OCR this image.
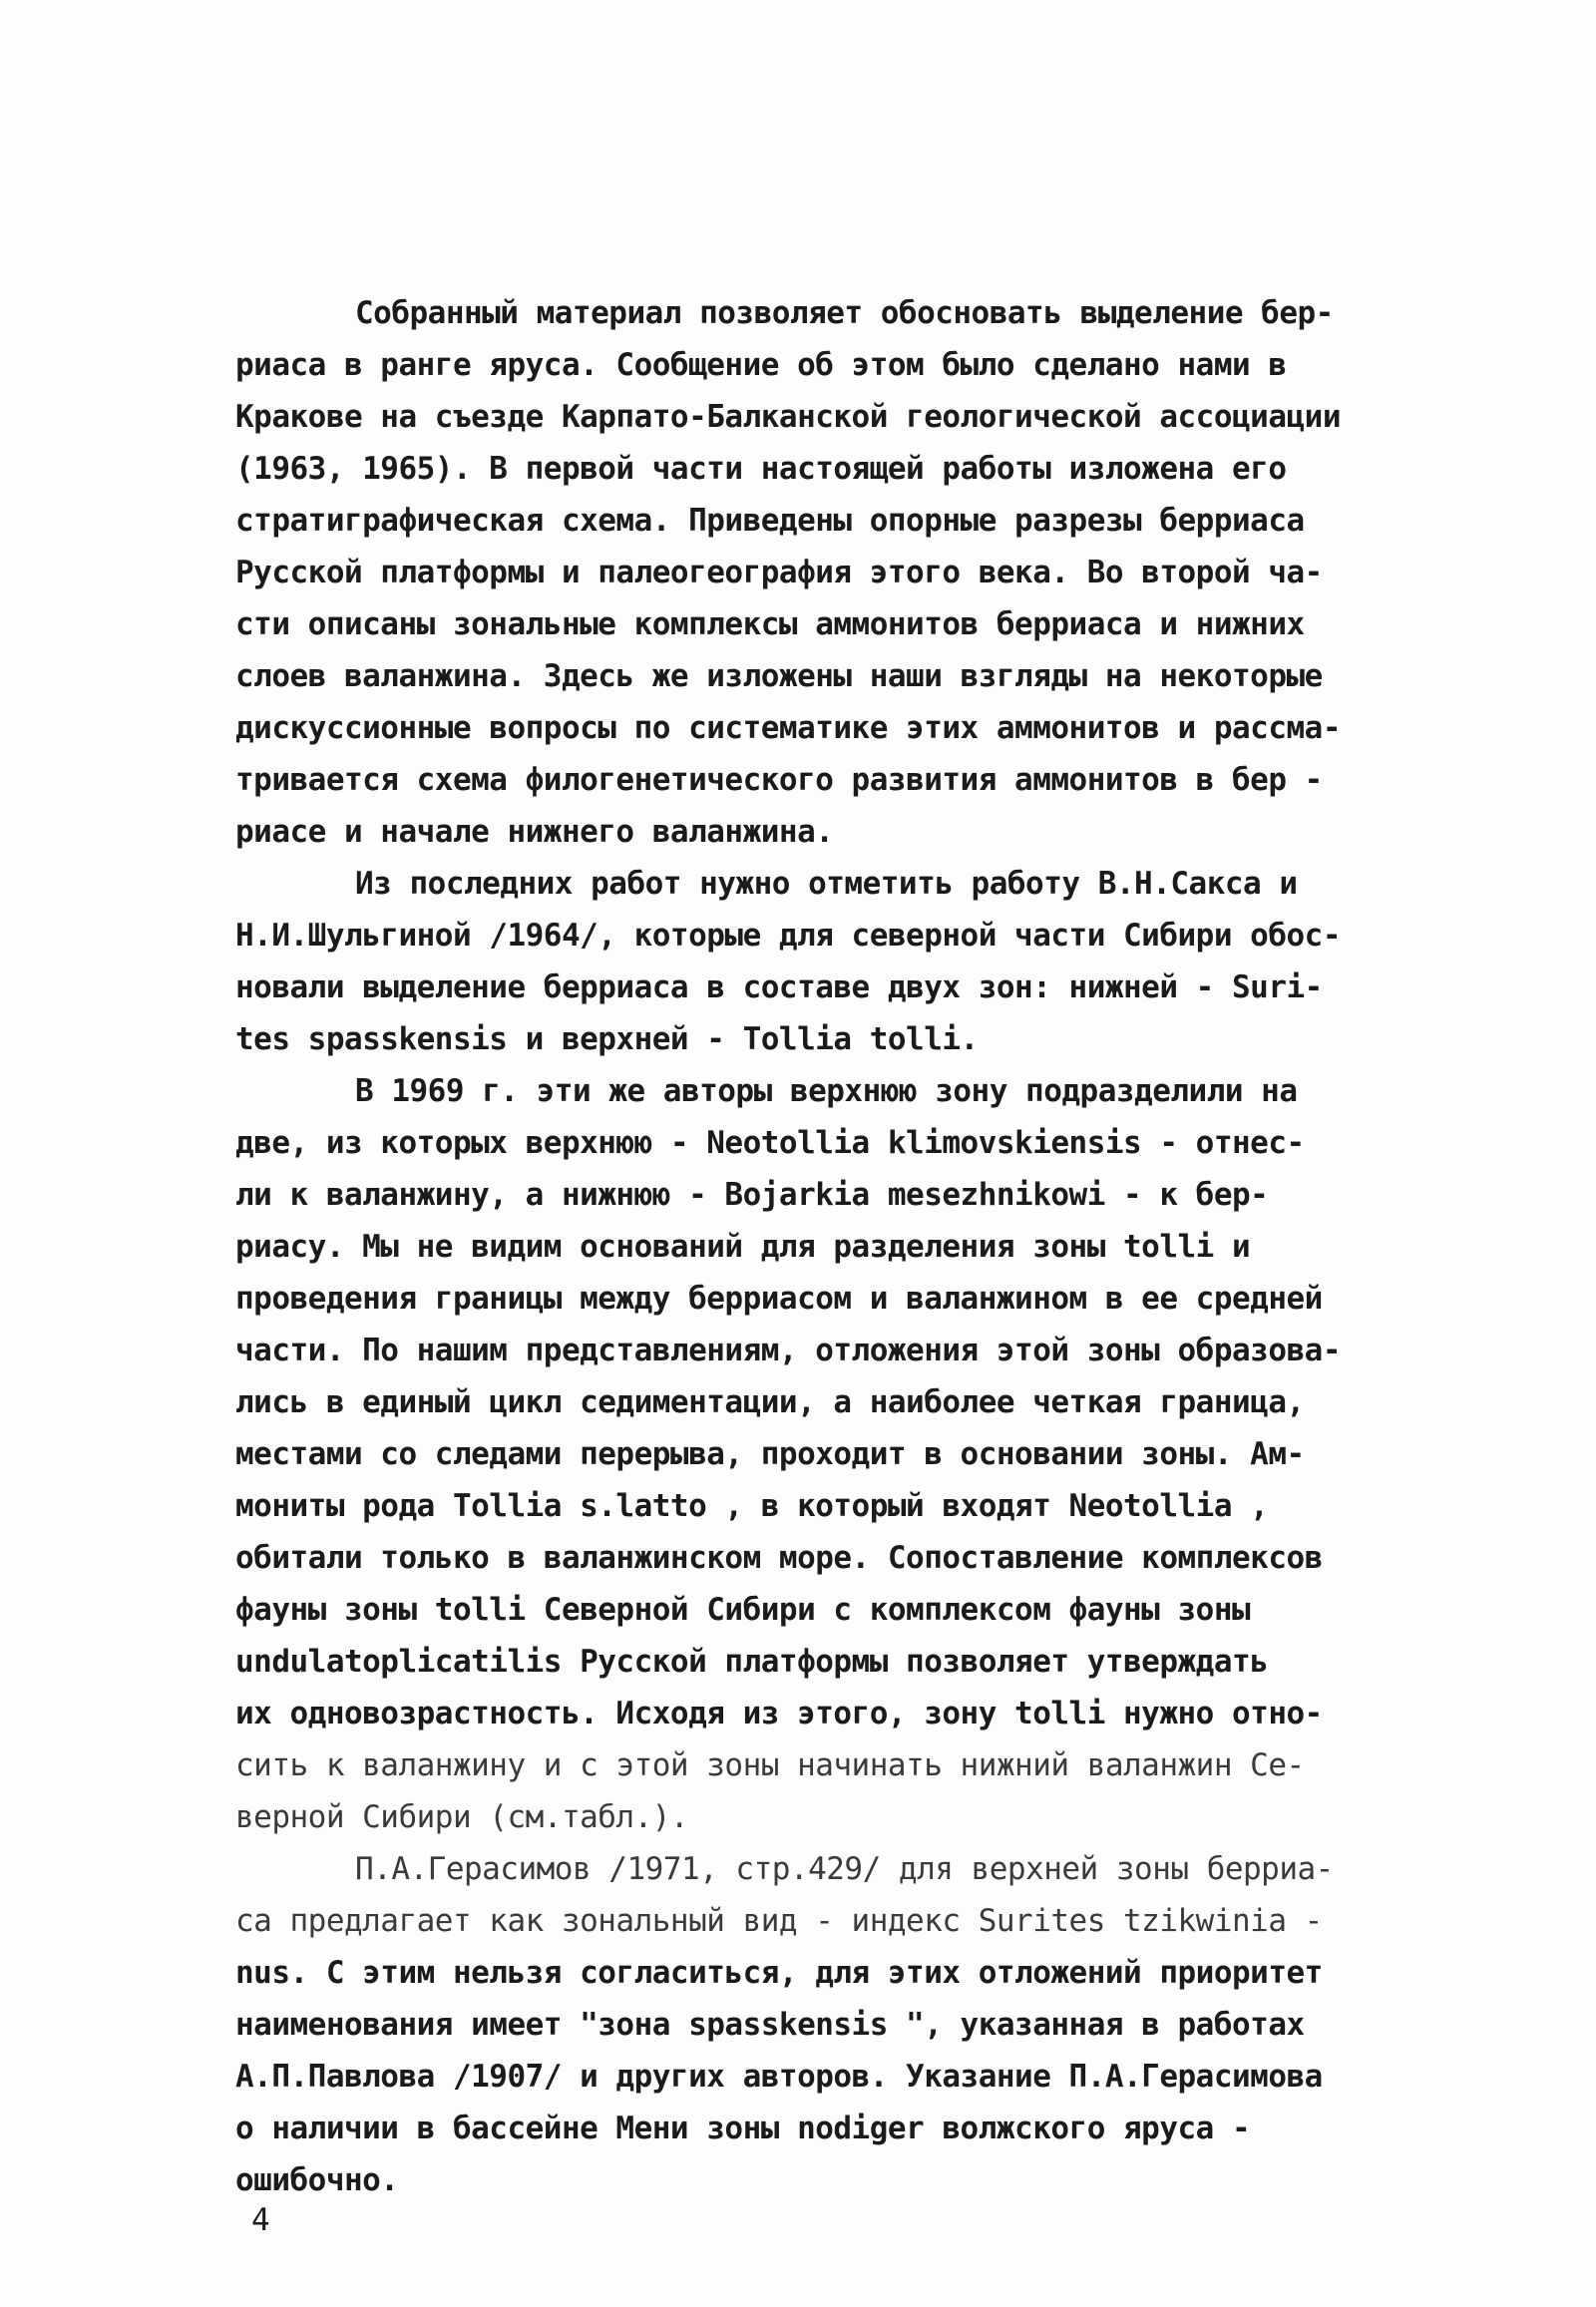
Собранный материал позволяет обосновать выделение бер-
риаса в ранге яруса. Сообщение об этом было сделано нами в
Кракове на съезде Карпато-Балканской геологической ассоциации
(1963, 1965). В первой части настоящей работы изложена его
стратиграфическая схема. Приведены опорные разрезы берриаса
Русской платформы и палеогеография этого века. Во второй ча-
сти описаны зональные комплексы аммонитов берриаса и нижних
слоев валанжина. Здесь же изложены наши взгляды на некоторые
дискуссионные вопросы по систематике этих аммонитов и рассма-
тривается схема филогенетического развития аммонитов в бер -
риасе и начале нижнего валанжина.
Из последних работ нужно отметить работу В.Н.Сакса и
Н.И.Шульгиной /1964/, которые для северной части Сибири обос-
новали выделение берриаса в составе двух зон: нижней - Suri-
tes spasskensis и верхней - Tollia tolli.
В 1969 г. эти же авторы верхнюю зону подразделили на
две, из которых верхнюю - Neotollia klimovskiensis - отнес-
ли к валанжину, а нижнюю - Bojarkia mesezhnikowi - к бер-
риасу. Мы не видим оснований для разделения зоны tolli и
проведения границы между берриасом и валанжином в ее средней
части. По нашим представлениям, отложения этой зоны образова-
лись в единый цикл седиментации, а наиболее четкая граница,
местами со следами перерыва, проходит в основании зоны. Ам-
мониты рода Tollia s.latto , в который входят Neotollia ,
обитали только в валанжинском море. Сопоставление комплексов
фауны зоны tolli Северной Сибири с комплексом фауны зоны
undulatoplicatilis Русской платформы позволяет утверждать
их одновозрастность. Исходя из этого, зону tolli нужно отно-
сить к валанжину и с этой зоны начинать нижний валанжин Се-
верной Сибири (см.табл.).
П.А.Герасимов /1971, стр.429/ для верхней зоны берриа-
са предлагает как зональный вид - индекс Surites tzikwinia -
nus. С этим нельзя согласиться, для этих отложений приоритет
наименования имеет "зона spasskensis ", указанная в работах
А.П.Павлова /1907/ и других авторов. Указание П.А.Герасимова
о наличии в бассейне Мени зоны nodiger волжского яруса -
ошибочно.
4
